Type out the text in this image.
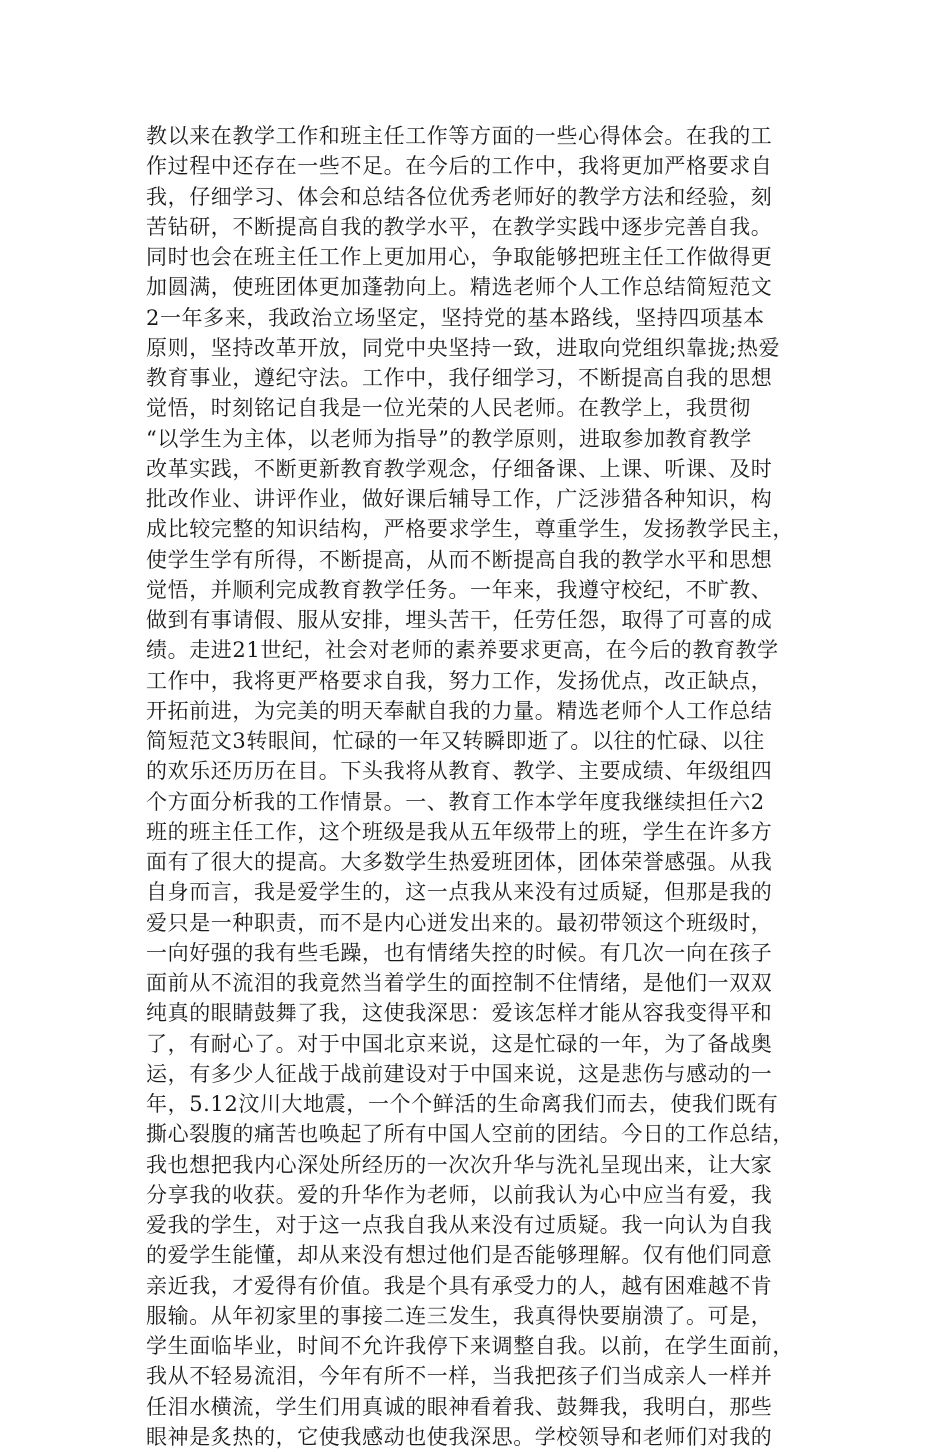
教以来在教学工作和班主任工作等方面的一些心得体会。在我的工
作过程中还存在一些不足。在今后的工作中，我将更加严格要求自
我，仔细学习、体会和总结各位优秀老师好的教学方法和经验，刻
苦钻研，不断提高自我的教学水平，在教学实践中逐步完善自我。
同时也会在班主任工作上更加用心，争取能够把班主任工作做得更
加圆满，使班团体更加蓬勃向上。精选老师个人工作总结简短范文
2一年多来，我政治立场坚定，坚持党的基本路线，坚持四项基本
原则，坚持改革开放，同党中央坚持一致，进取向党组织靠拢;热爱
教育事业，遵纪守法。工作中，我仔细学习，不断提高自我的思想
觉悟，时刻铭记自我是一位光荣的人民老师。在教学上，我贯彻
“以学生为主体，以老师为指导”的教学原则，进取参加教育教学
改革实践，不断更新教育教学观念，仔细备课、上课、听课、及时
批改作业、讲评作业，做好课后辅导工作，广泛涉猎各种知识，构
成比较完整的知识结构，严格要求学生，尊重学生，发扬教学民主，
使学生学有所得，不断提高，从而不断提高自我的教学水平和思想
觉悟，并顺利完成教育教学任务。一年来，我遵守校纪，不旷教、
做到有事请假、服从安排，埋头苦干，任劳任怨，取得了可喜的成
绩。走进21世纪，社会对老师的素养要求更高，在今后的教育教学
工作中，我将更严格要求自我，努力工作，发扬优点，改正缺点，
开拓前进，为完美的明天奉献自我的力量。精选老师个人工作总结
简短范文3转眼间，忙碌的一年又转瞬即逝了。以往的忙碌、以往
的欢乐还历历在目。下头我将从教育、教学、主要成绩、年级组四
个方面分析我的工作情景。一、教育工作本学年度我继续担任六2
班的班主任工作，这个班级是我从五年级带上的班，学生在许多方
面有了很大的提高。大多数学生热爱班团体，团体荣誉感强。从我
自身而言，我是爱学生的，这一点我从来没有过质疑，但那是我的
爱只是一种职责，而不是内心迸发出来的。最初带领这个班级时，
一向好强的我有些毛躁，也有情绪失控的时候。有几次一向在孩子
面前从不流泪的我竟然当着学生的面控制不住情绪，是他们一双双
纯真的眼睛鼓舞了我，这使我深思：爱该怎样才能从容我变得平和
了，有耐心了。对于中国北京来说，这是忙碌的一年，为了备战奥
运，有多少人征战于战前建设对于中国来说，这是悲伤与感动的一
年，5.12汶川大地震，一个个鲜活的生命离我们而去，使我们既有
撕心裂腹的痛苦也唤起了所有中国人空前的团结。今日的工作总结，
我也想把我内心深处所经历的一次次升华与洗礼呈现出来，让大家
分享我的收获。爱的升华作为老师，以前我认为心中应当有爱，我
爱我的学生，对于这一点我自我从来没有过质疑。我一向认为自我
的爱学生能懂，却从来没有想过他们是否能够理解。仅有他们同意
亲近我，才爱得有价值。我是个具有承受力的人，越有困难越不肯
服输。从年初家里的事接二连三发生，我真得快要崩溃了。可是，
学生面临毕业，时间不允许我停下来调整自我。以前，在学生面前，
我从不轻易流泪，今年有所不一样，当我把孩子们当成亲人一样并
任泪水横流，学生们用真诚的眼神看着我、鼓舞我，我明白，那些
眼神是炙热的，它使我感动也使我深思。学校领导和老师们对我的
